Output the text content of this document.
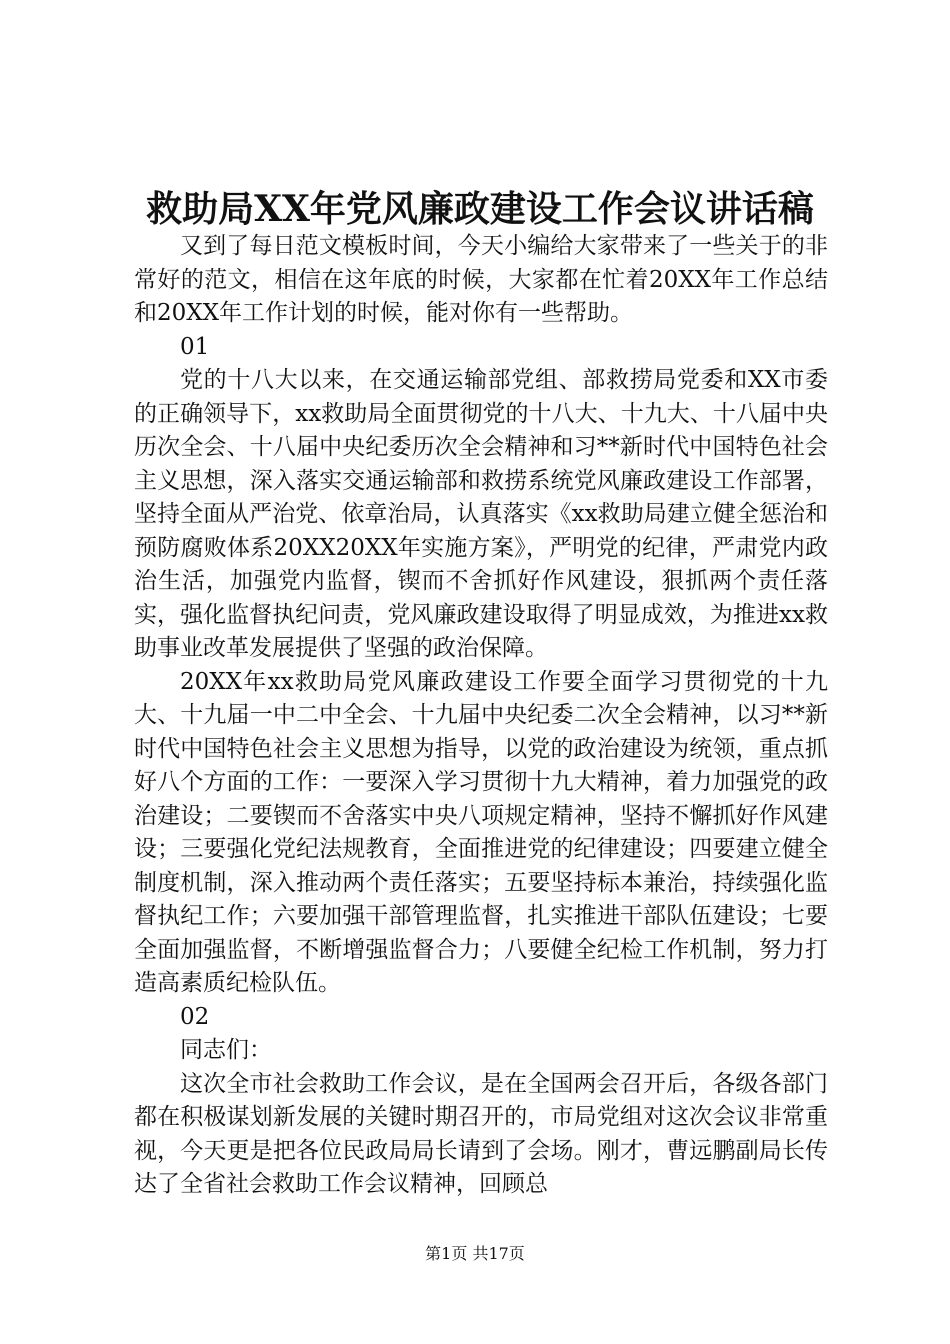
救助局XX年党风廉政建设工作会议讲话稿

又到了每日范文模板时间，今天小编给大家带来了一些关于的非常好的范文，相信在这年底的时候，大家都在忙着20XX年工作总结和20XX年工作计划的时候，能对你有一些帮助。

01

党的十八大以来，在交通运输部党组、部救捞局党委和XX市委的正确领导下，xx救助局全面贯彻党的十八大、十九大、十八届中央历次全会、十八届中央纪委历次全会精神和习**新时代中国特色社会主义思想，深入落实交通运输部和救捞系统党风廉政建设工作部署，坚持全面从严治党、依章治局，认真落实《xx救助局建立健全惩治和预防腐败体系20XX20XX年实施方案》，严明党的纪律，严肃党内政治生活，加强党内监督，锲而不舍抓好作风建设，狠抓两个责任落实，强化监督执纪问责，党风廉政建设取得了明显成效，为推进xx救助事业改革发展提供了坚强的政治保障。

20XX年xx救助局党风廉政建设工作要全面学习贯彻党的十九大、十九届一中二中全会、十九届中央纪委二次全会精神，以习**新时代中国特色社会主义思想为指导，以党的政治建设为统领，重点抓好八个方面的工作：一要深入学习贯彻十九大精神，着力加强党的政治建设；二要锲而不舍落实中央八项规定精神，坚持不懈抓好作风建设；三要强化党纪法规教育，全面推进党的纪律建设；四要建立健全制度机制，深入推动两个责任落实；五要坚持标本兼治，持续强化监督执纪工作；六要加强干部管理监督，扎实推进干部队伍建设；七要全面加强监督，不断增强监督合力；八要健全纪检工作机制，努力打造高素质纪检队伍。

02

同志们：

这次全市社会救助工作会议，是在全国两会召开后，各级各部门都在积极谋划新发展的关键时期召开的，市局党组对这次会议非常重视，今天更是把各位民政局局长请到了会场。刚才，曹远鹏副局长传达了全省社会救助工作会议精神，回顾总

第1页 共17页
